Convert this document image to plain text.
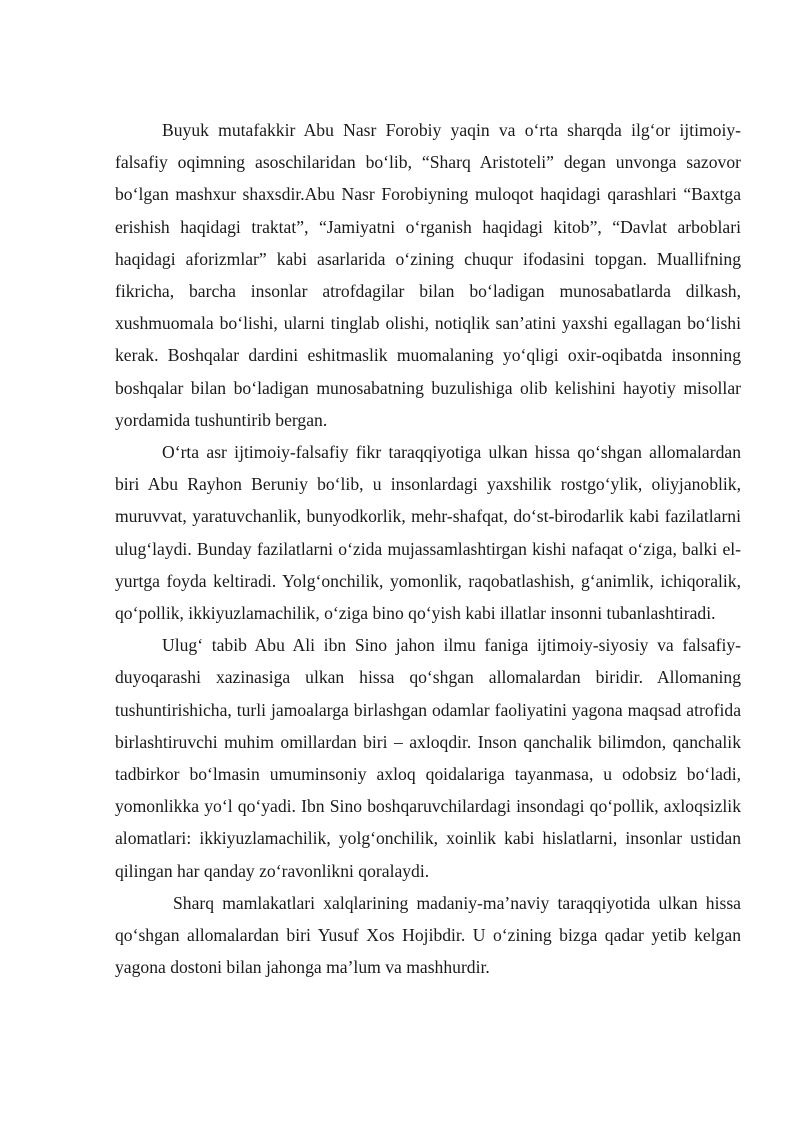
Buyuk mutafakkir Abu Nasr Forobiy yaqin va o‘rta sharqda ilg‘or ijtimoiy-falsafiy oqimning asoschilaridan bo‘lib, “Sharq Aristoteli” degan unvonga sazovor bo‘lgan mashxur shaxsdir.Abu Nasr Forobiyning muloqot haqidagi qarashlari “Baxtga erishish haqidagi traktat”, “Jamiyatni o‘rganish haqidagi kitob”, “Davlat arboblari haqidagi aforizmlar” kabi asarlarida o‘zining chuqur ifodasini topgan. Muallifning fikricha, barcha insonlar atrofdagilar bilan bo‘ladigan munosabatlarda dilkash, xushmuomala bo‘lishi, ularni tinglab olishi, notiqlik san’atini yaxshi egallagan bo‘lishi kerak. Boshqalar dardini eshitmaslik muomalaning yo‘qligi oxir-oqibatda insonning boshqalar bilan bo‘ladigan munosabatning buzulishiga olib kelishini hayotiy misollar yordamida tushuntirib bergan.

O‘rta asr ijtimoiy-falsafiy fikr taraqqiyotiga ulkan hissa qo‘shgan allomalardan biri Abu Rayhon Beruniy bo‘lib, u insonlardagi yaxshilik rostgo‘ylik, oliyjanoblik, muruvvat, yaratuvchanlik, bunyodkorlik, mehr-shafqat, do‘st-birodarlik kabi fazilatlarni ulug‘laydi. Bunday fazilatlarni o‘zida mujassamlashtirgan kishi nafaqat o‘ziga, balki el-yurtga foyda keltiradi. Yolg‘onchilik, yomonlik, raqobatlashish, g‘animlik, ichiqoralik, qo‘pollik, ikkiyuzlamachilik, o‘ziga bino qo‘yish kabi illatlar insonni tubanlashtiradi.

Ulug‘ tabib Abu Ali ibn Sino jahon ilmu faniga ijtimoiy-siyosiy va falsafiy-duyoqarashi xazinasiga ulkan hissa qo‘shgan allomalardan biridir. Allomaning tushuntirishicha, turli jamoalarga birlashgan odamlar faoliyatini yagona maqsad atrofida birlashtiruvchi muhim omillardan biri – axloqdir. Inson qanchalik bilimdon, qanchalik tadbirkor bo‘lmasin umuminsoniy axloq qoidalariga tayanmasa, u odobsiz bo‘ladi, yomonlikka yo‘l qo‘yadi. Ibn Sino boshqaruvchilardagi insondagi qo‘pollik, axloqsizlik alomatlari: ikkiyuzlamachilik, yolg‘onchilik, xoinlik kabi hislatlarni, insonlar ustidan qilingan har qanday zo‘ravonlikni qoralaydi.

Sharq mamlakatlari xalqlarining madaniy-ma’naviy taraqqiyotida ulkan hissa qo‘shgan allomalardan biri Yusuf Xos Hojibdir. U o‘zining bizga qadar yetib kelgan yagona dostoni bilan jahonga ma’lum va mashhurdir.
